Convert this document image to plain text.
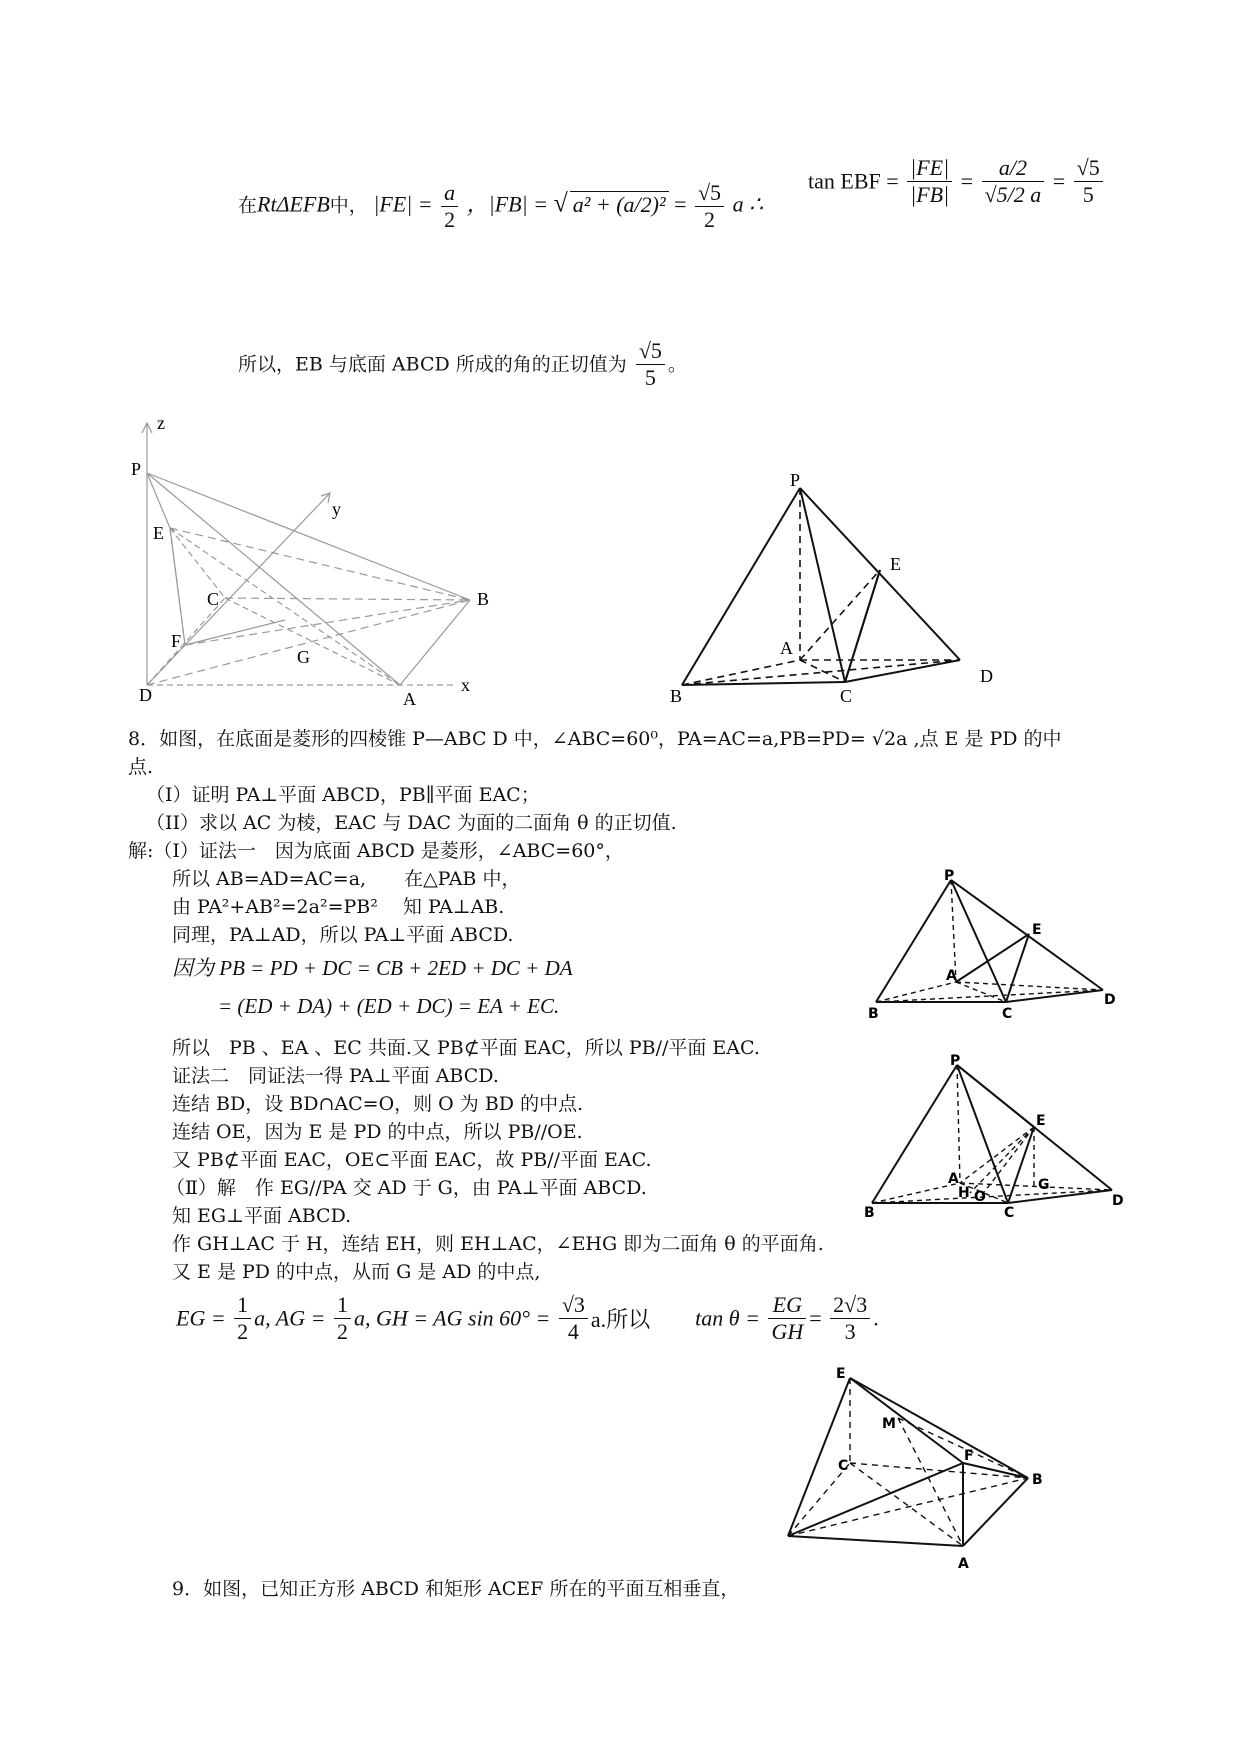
在RtΔEFB中， $|FE| = \frac{a}{2}$ ，|FB| = √ $a^2 + (a/2)^2 = \frac{√5}{2}$ a ∴
tan EBF = $\frac{|FE|}{|FB|} = \frac{a/2}{√5/2 a} = \frac{√5}{5}$
所以，EB 与底面 ABCD 所成的角的正切值为 $\frac{√5}{5}$ 。
z
P
y
E
B
C
F
G
D	A
x
P
E
A
D
B	C
8．如图，在底面是菱形的四棱锥 P—ABC D 中，∠ABC=60⁰，PA=AC=a,PB=PD= √2a ,点 E 是 PD 的中
点.
（I）证明 PA⊥平面 ABCD，PB∥平面 EAC；
（II）求以 AC 为棱，EAC 与 DAC 为面的二面角 θ 的正切值.
解:（Ⅰ）证法一　因为底面 ABCD 是菱形，∠ABC=60°，
所以 AB=AD=AC=a,　　在△PAB 中，
由 PA²+AB²=2a²=PB²　 知 PA⊥AB.
同理，PA⊥AD，所以 PA⊥平面 ABCD.
因为 PB = PD + DC = CB + 2ED + DC + DA
= (ED + DA) + (ED + DC) = EA + EC.
所以　PB 、EA 、EC 共面.又 PB⊄平面 EAC，所以 PB//平面 EAC.
证法二　同证法一得 PA⊥平面 ABCD.
连结 BD，设 BD∩AC=O，则 O 为 BD 的中点.
连结 OE，因为 E 是 PD 的中点，所以 PB//OE.
又 PB⊄平面 EAC，OE⊂平面 EAC，故 PB//平面 EAC.
（Ⅱ）解　作 EG//PA 交 AD 于 G，由 PA⊥平面 ABCD.
知 EG⊥平面 ABCD.
作 GH⊥AC 于 H，连结 EH，则 EH⊥AC，∠EHG 即为二面角 θ 的平面角.
又 E 是 PD 的中点，从而 G 是 AD 的中点,
EG = $\frac{1}{2} a$, AG = $\frac{1}{2} a$, GH = AG $\sin 60^\circ = \frac{√3}{4} a$.所以 $\tan \theta = \frac{EG}{GH} = \frac{2√3}{3}$ .
P
E
A
B	C
D
P
E
A
H O
G
B	C
D
E
M
F
C
B
A
9．如图，已知正方形 ABCD 和矩形 ACEF 所在的平面互相垂直，
